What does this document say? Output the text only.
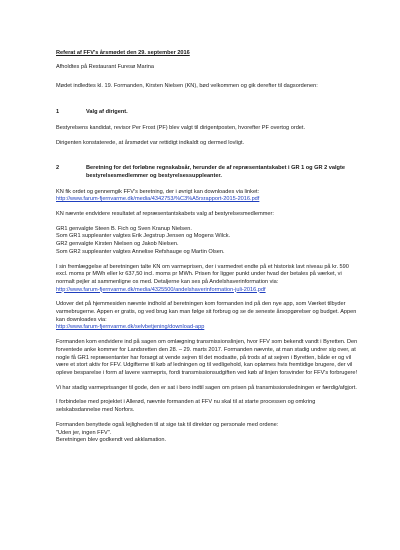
Referat af FFV's årsmødet den 29. september 2016

Afholdtes på Restaurant Furesø Marina

Mødet indledtes kl. 19. Formanden, Kirsten Nielsen (KN), bød velkommen og gik derefter til dagsordenen:

1	Valg af dirigent.

Bestyrelsens kandidat, revisor Per Frost (PF) blev valgt til dirigentposten, hvorefter PF overtog ordet.

Dirigenten konstaterede, at årsmødet var rettidigt indkaldt og dermed lovligt.

2	Beretning for det forløbne regnskabsår, herunder de af repræsentantskabet i GR 1 og GR 2 valgte bestyrelsesmedlemmer og bestyrelsessuppleanter.

KN fik ordet og gennemgik FFV's beretning, der i øvrigt kan downloades via linket:

http://www.farum-fjernvarme.dk/media/4342753/%C3%A5rsrapport-2015-2016.pdf

KN nævnte endvidere resultatet af repræsentantskabets valg af bestyrelsesmedlemmer:

GR1 genvalgte Steen B. Fich og Sven Kranup Nielsen.

Som GR1 suppleanter valgtes Erik Jegstrup Jensen og Mogens Wilck.

GR2 genvalgte Kirsten Nielsen og Jakob Nielsen.

Som GR2 suppleanter valgtes Annelise Refshauge og Martin Olsen.

I sin fremlæggelse af beretningen talte KN om varmeprisen, der i varmedret endte på et historisk lavt niveau på kr. 590 excl. moms pr MWh eller kr 637,50 incl. moms pr MWh. Prisen for ligger punkt under hvad der betales på værket, vi normalt pejler at sammenligne os med. Detaljerne kan ses på Andelshaverinformation via:

http://www.farum-fjernvarme.dk/media/4325500/andelshaverinformation-juli-2016.pdf

Udover det på hjemmesiden nævnte indhold af beretningen kom formanden ind på den nye app, som Værket tilbyder varmebrugerne. Appen er gratis, og ved brug kan man følge sit forbrug og se de seneste årsopgørelser og budget. Appen kan downloades via:

http://www.farum-fjernvarme.dk/selvbetjening/download-app

Formanden kom endvidere ind på sagen om omlægning transmissionslinjen, hvor FFV som bekendt vandt i Byretten. Den forventede anke kommer for Landsretten den 28. – 29. marts 2017. Formanden nævnte, at man stadig undrer sig over, at nogle få GR1 repræsentanter har forsøgt at vende sejren til det modsatte, på trods af at sejren i Byretten, både er og vil være et stort aktiv for FFV. Udgifterne til køb af ledningen og til vedligehold, kan oplømes hvis fremtidige brugere, der vil opleve besparelse i form af lavere varmepris, fordi transmissionsudgiften ved køb af linjen forsvinder for FFV's forbrugere!

Vi har stadig varmeprisanger til gode, den er sat i bero indtil sagen om prisen på transmissionsledningen er færdig/afgjort.

I forbindelse med projektet i Allerød, nævnte formanden at FFV nu skal til at starte processen og omkring selskabsdannelse med Norfors.

Formanden benyttede også lejligheden til at sige tak til direktør og personale med ordene:

"Uden jer, ingen FFV".

Beretningen blev godkendt ved akklamation.
